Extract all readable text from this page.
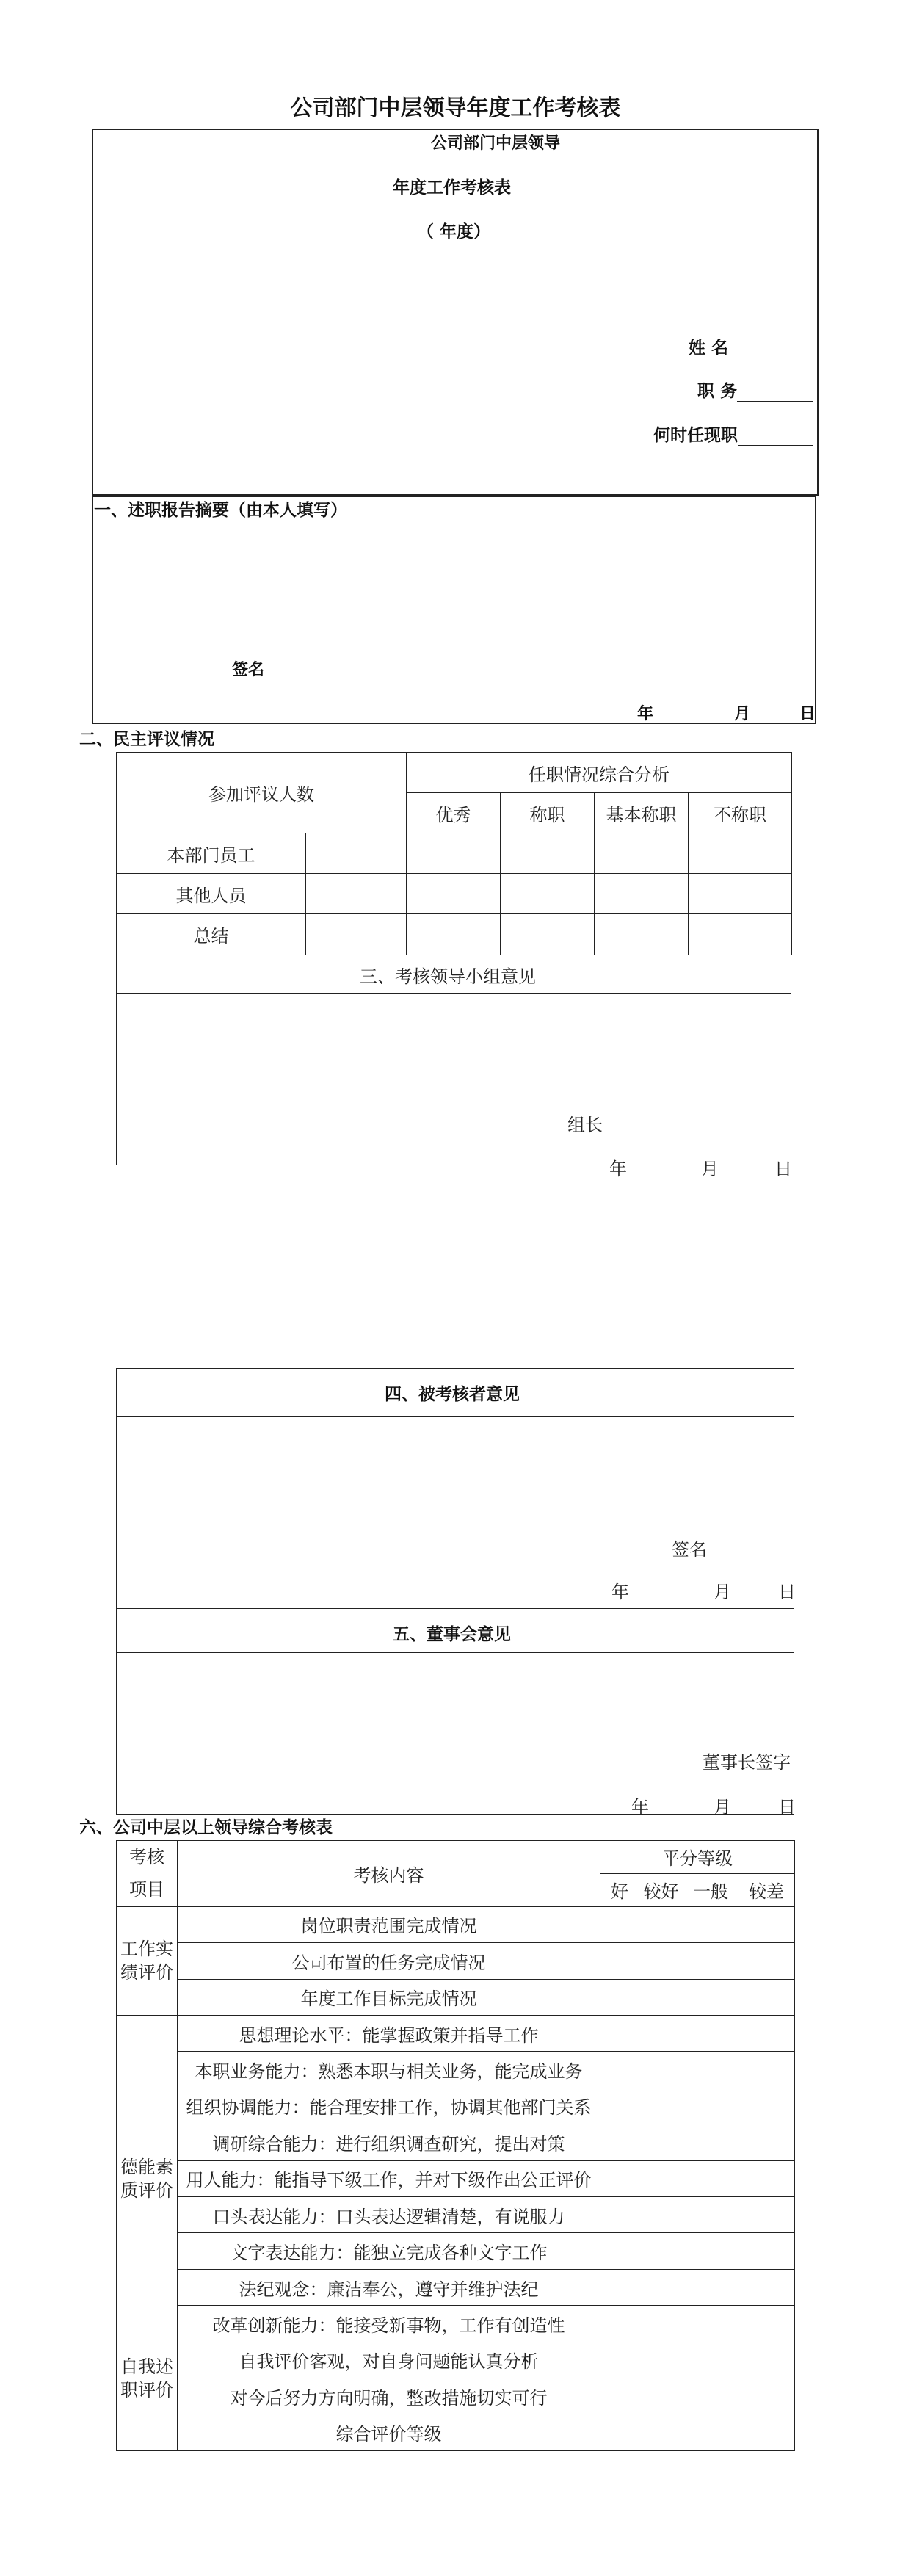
公司部门中层领导年度工作考核表
公司部门中层领导
年度工作考核表
（ 年度）
姓 名
职 务
何时任现职
一、述职报告摘要（由本人填写）
签名
年	月	日
二、民主评议情况
参加评议人数		任职情况综合分析			
		优秀	称职	基本称职	不称职
本部门员工					
其他人员					
总结					
三、考核领导小组意见
组长
年	月	日
四、被考核者意见
签名
年	月	日
五、董事会意见
董事长签字
年	月	日
六、公司中层以上领导综合考核表
考核
项目	考核内容	平分等级			
		好	较好	一般	较差
工作实绩评价	岗位职责范围完成情况				
	公司布置的任务完成情况				
	年度工作目标完成情况				
德能素质评价	思想理论水平：能掌握政策并指导工作				
	本职业务能力：熟悉本职与相关业务，能完成业务				
	组织协调能力：能合理安排工作，协调其他部门关系				
	调研综合能力：进行组织调查研究，提出对策				
	用人能力：能指导下级工作，并对下级作出公正评价				
	口头表达能力：口头表达逻辑清楚，有说服力				
	文字表达能力：能独立完成各种文字工作				
	法纪观念：廉洁奉公，遵守并维护法纪				
	改革创新能力：能接受新事物，工作有创造性				
自我述职评价	自我评价客观，对自身问题能认真分析				
	对今后努力方向明确，整改措施切实可行				
	综合评价等级				
